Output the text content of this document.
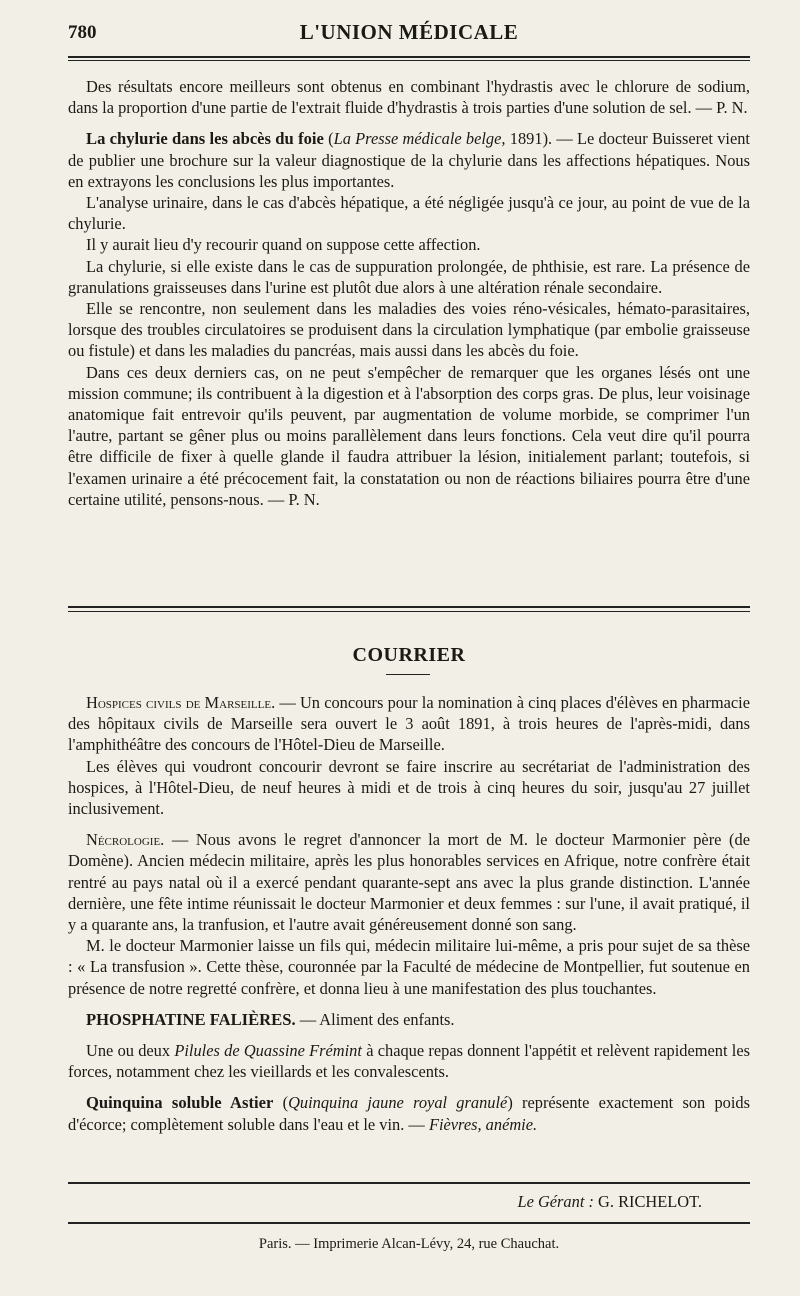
780	L'UNION MÉDICALE

Des résultats encore meilleurs sont obtenus en combinant l'hydrastis avec le chlorure de sodium, dans la proportion d'une partie de l'extrait fluide d'hydrastis à trois parties d'une solution de sel. — P. N.

La chylurie dans les abcès du foie (La Presse médicale belge, 1891). — Le docteur Buisseret vient de publier une brochure sur la valeur diagnostique de la chylurie dans les affections hépatiques. Nous en extrayons les conclusions les plus importantes.

L'analyse urinaire, dans le cas d'abcès hépatique, a été négligée jusqu'à ce jour, au point de vue de la chylurie.

Il y aurait lieu d'y recourir quand on suppose cette affection.

La chylurie, si elle existe dans le cas de suppuration prolongée, de phthisie, est rare. La présence de granulations graisseuses dans l'urine est plutôt due alors à une altération rénale secondaire.

Elle se rencontre, non seulement dans les maladies des voies réno-vésicales, hémato-parasitaires, lorsque des troubles circulatoires se produisent dans la circulation lymphatique (par embolie graisseuse ou fistule) et dans les maladies du pancréas, mais aussi dans les abcès du foie.

Dans ces deux derniers cas, on ne peut s'empêcher de remarquer que les organes lésés ont une mission commune; ils contribuent à la digestion et à l'absorption des corps gras. De plus, leur voisinage anatomique fait entrevoir qu'ils peuvent, par augmentation de volume morbide, se comprimer l'un l'autre, partant se gêner plus ou moins parallèlement dans leurs fonctions. Cela veut dire qu'il pourra être difficile de fixer à quelle glande il faudra attribuer la lésion, initialement parlant; toutefois, si l'examen urinaire a été précocement fait, la constatation ou non de réactions biliaires pourra être d'une certaine utilité, pensons-nous. — P. N.

COURRIER

Hospices civils de Marseille. — Un concours pour la nomination à cinq places d'élèves en pharmacie des hôpitaux civils de Marseille sera ouvert le 3 août 1891, à trois heures de l'après-midi, dans l'amphithéâtre des concours de l'Hôtel-Dieu de Marseille.

Les élèves qui voudront concourir devront se faire inscrire au secrétariat de l'administration des hospices, à l'Hôtel-Dieu, de neuf heures à midi et de trois à cinq heures du soir, jusqu'au 27 juillet inclusivement.

Nécrologie. — Nous avons le regret d'annoncer la mort de M. le docteur Marmonier père (de Domène). Ancien médecin militaire, après les plus honorables services en Afrique, notre confrère était rentré au pays natal où il a exercé pendant quarante-sept ans avec la plus grande distinction. L'année dernière, une fête intime réunissait le docteur Marmonier et deux femmes : sur l'une, il avait pratiqué, il y a quarante ans, la tranfusion, et l'autre avait généreusement donné son sang.

M. le docteur Marmonier laisse un fils qui, médecin militaire lui-même, a pris pour sujet de sa thèse : « La transfusion ». Cette thèse, couronnée par la Faculté de médecine de Montpellier, fut soutenue en présence de notre regretté confrère, et donna lieu à une manifestation des plus touchantes.

PHOSPHATINE FALIÈRES. — Aliment des enfants.

Une ou deux Pilules de Quassine Frémint à chaque repas donnent l'appétit et relèvent rapidement les forces, notamment chez les vieillards et les convalescents.

Quinquina soluble Astier (Quinquina jaune royal granulé) représente exactement son poids d'écorce; complètement soluble dans l'eau et le vin. — Fièvres, anémie.

Le Gérant : G. RICHELOT.
Paris. — Imprimerie Alcan-Lévy, 24, rue Chauchat.
